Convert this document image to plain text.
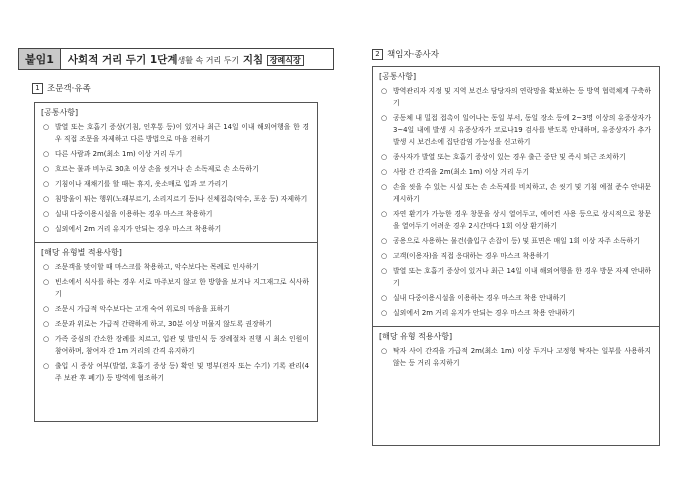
붙임1	사회적 거리 두기 1단계생활 속 거리 두기 지침 장례식장
1 조문객·유족
[공통사항]
○ 발열 또는 호흡기 증상(기침, 인후통 등)이 있거나 최근 14일 이내 해외여행을 한 경우 직접 조문을 자제하고 다른 방법으로 마음 전하기
○ 다른 사람과 2m(최소 1m) 이상 거리 두기
○ 흐르는 물과 비누로 30초 이상 손을 씻거나 손 소독제로 손 소독하기
○ 기침이나 재채기를 할 때는 휴지, 옷소매로 입과 코 가리기
○ 침방울이 튀는 행위(노래부르기, 소리지르기 등)나 신체접촉(악수, 포옹 등) 자제하기
○ 실내 다중이용시설을 이용하는 경우 마스크 착용하기
○ 실외에서 2m 거리 유지가 안되는 경우 마스크 착용하기
[해당 유형별 적용사항]
○ 조문객을 맞이할 때 마스크를 착용하고, 악수보다는 목례로 인사하기
○ 빈소에서 식사를 하는 경우 서로 마주보지 않고 한 방향을 보거나 지그재그로 식사하기
○ 조문시 가급적 악수보다는 고개 숙여 위로의 마음을 표하기
○ 조문과 위로는 가급적 간략하게 하고, 30분 이상 머물지 않도록 권장하기
○ 가족 중심의 간소한 장례를 치르고, 입관 및 발인식 등 장례절차 진행 시 최소 인원이 참여하며, 참여자 간 1m 거리의 간격 유지하기
○ 출입 시 증상 여부(발열, 호흡기 증상 등) 확인 및 명부(전자 또는 수기) 기록 관리(4주 보관 후 폐기) 등 방역에 협조하기
2 책임자·종사자
[공통사항]
○ 방역관리자 지정 및 지역 보건소 담당자의 연락망을 확보하는 등 방역 협력체계 구축하기
○ 공동체 내 밀접 접촉이 일어나는 동일 부서, 동일 장소 등에 2~3명 이상의 유증상자가 3~4일 내에 발생 시 유증상자가 코로나19 검사를 받도록 안내하며, 유증상자가 추가 발생 시 보건소에 집단감염 가능성을 신고하기
○ 종사자가 발열 또는 호흡기 증상이 있는 경우 출근 중단 및 즉시 퇴근 조치하기
○ 사람 간 간격을 2m(최소 1m) 이상 거리 두기
○ 손을 씻을 수 있는 시설 또는 손 소독제를 비치하고, 손 씻기 및 기침 예절 준수 안내문 게시하기
○ 자연 환기가 가능한 경우 창문을 상시 열어두고, 에어컨 사용 등으로 상시적으로 창문을 열어두기 어려운 경우 2시간마다 1회 이상 환기하기
○ 공용으로 사용하는 물건(출입구 손잡이 등) 및 표면은 매일 1회 이상 자주 소독하기
○ 고객(이용자)을 직접 응대하는 경우 마스크 착용하기
○ 발열 또는 호흡기 증상이 있거나 최근 14일 이내 해외여행을 한 경우 방문 자제 안내하기
○ 실내 다중이용시설을 이용하는 경우 마스크 착용 안내하기
○ 실외에서 2m 거리 유지가 안되는 경우 마스크 착용 안내하기
[해당 유형 적용사항]
○ 탁자 사이 간격을 가급적 2m(최소 1m) 이상 두거나 고정형 탁자는 일부를 사용하지 않는 등 거리 유지하기
